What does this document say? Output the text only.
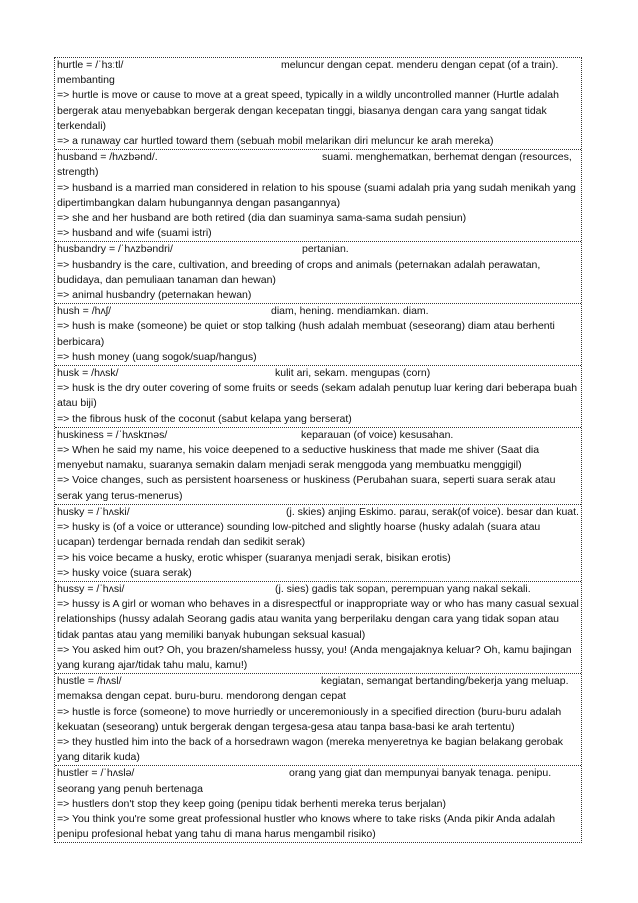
hurtle = /ˈhɜːtl/	meluncur dengan cepat. menderu dengan cepat (of a train).
membanting
=> hurtle is move or cause to move at a great speed, typically in a wildly uncontrolled manner (Hurtle adalah bergerak atau menyebabkan bergerak dengan kecepatan tinggi, biasanya dengan cara yang sangat tidak terkendali)
=> a runaway car hurtled toward them (sebuah mobil melarikan diri meluncur ke arah mereka)
husband = /hʌzbənd/.	suami. menghematkan, berhemat dengan (resources,
strength)
=> husband is a married man considered in relation to his spouse (suami adalah pria yang sudah menikah yang dipertimbangkan dalam hubungannya dengan pasangannya)
=> she and her husband are both retired (dia dan suaminya sama-sama sudah pensiun)
=> husband and wife (suami istri)
husbandry = /ˈhʌzbəndri/	pertanian.
=> husbandry is the care, cultivation, and breeding of crops and animals (peternakan adalah perawatan, budidaya, dan pemuliaan tanaman dan hewan)
=> animal husbandry (peternakan hewan)
hush = /hʌʃ/	diam, hening. mendiamkan. diam.
=> hush is make (someone) be quiet or stop talking (hush adalah membuat (seseorang) diam atau berhenti berbicara)
=> hush money (uang sogok/suap/hangus)
husk = /hʌsk/	kulit ari, sekam. mengupas (corn)
=> husk is the dry outer covering of some fruits or seeds (sekam adalah penutup luar kering dari beberapa buah atau biji)
=> the fibrous husk of the coconut (sabut kelapa yang berserat)
huskiness = /ˈhʌskɪnəs/	keparauan (of voice) kesusahan.
=> When he said my name, his voice deepened to a seductive huskiness that made me shiver (Saat dia menyebut namaku, suaranya semakin dalam menjadi serak menggoda yang membuatku menggigil)
=> Voice changes, such as persistent hoarseness or huskiness (Perubahan suara, seperti suara serak atau serak yang terus-menerus)
husky = /ˈhʌski/	(j. skies) anjing Eskimo. parau, serak(of voice). besar dan kuat.
=> husky is (of a voice or utterance) sounding low-pitched and slightly hoarse (husky adalah (suara atau ucapan) terdengar bernada rendah dan sedikit serak)
=> his voice became a husky, erotic whisper (suaranya menjadi serak, bisikan erotis)
=> husky voice (suara serak)
hussy = /ˈhʌsi/	(j. sies) gadis tak sopan, perempuan yang nakal sekali.
=> hussy is A girl or woman who behaves in a disrespectful or inappropriate way or who has many casual sexual relationships (hussy adalah Seorang gadis atau wanita yang berperilaku dengan cara yang tidak sopan atau tidak pantas atau yang memiliki banyak hubungan seksual kasual)
=> You asked him out? Oh, you brazen/shameless hussy, you! (Anda mengajaknya keluar? Oh, kamu bajingan yang kurang ajar/tidak tahu malu, kamu!)
hustle = /hʌsl/	kegiatan, semangat bertanding/bekerja yang meluap.
memaksa dengan cepat. buru-buru. mendorong dengan cepat
=> hustle is force (someone) to move hurriedly or unceremoniously in a specified direction (buru-buru adalah kekuatan (seseorang) untuk bergerak dengan tergesa-gesa atau tanpa basa-basi ke arah tertentu)
=> they hustled him into the back of a horsedrawn wagon (mereka menyeretnya ke bagian belakang gerobak yang ditarik kuda)
hustler = /ˈhʌslə/	orang yang giat dan mempunyai banyak tenaga. penipu.
seorang yang penuh bertenaga
=> hustlers don't stop they keep going (penipu tidak berhenti mereka terus berjalan)
=> You think you're some great professional hustler who knows where to take risks (Anda pikir Anda adalah penipu profesional hebat yang tahu di mana harus mengambil risiko)
